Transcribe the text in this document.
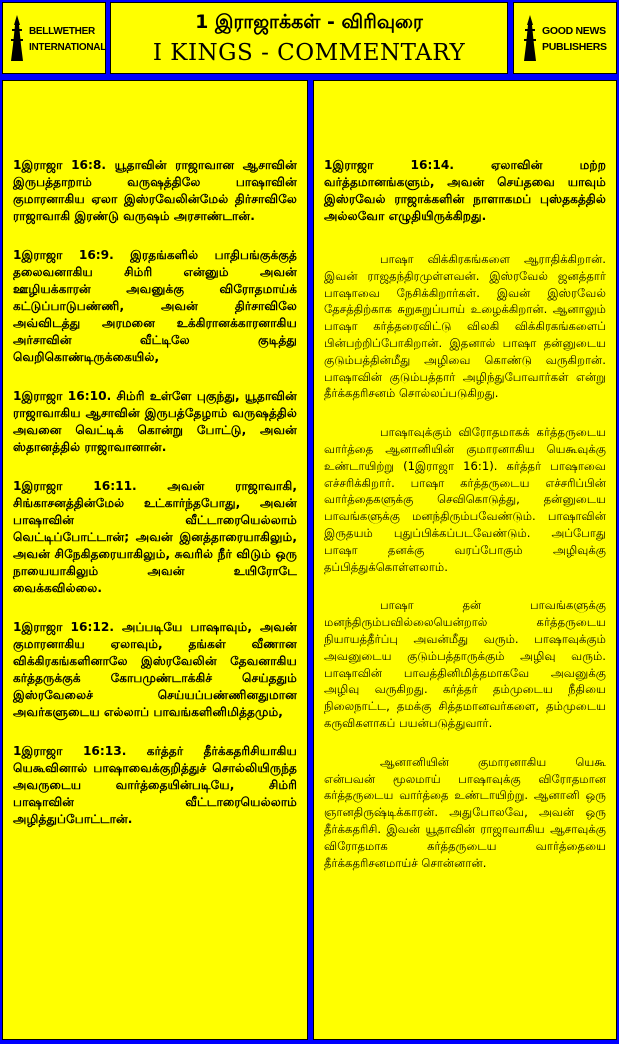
BELLWETHER
INTERNATIONAL
1 இராஜாக்கள் - விரிவுரை
I KINGS - COMMENTARY
GOOD NEWS
PUBLISHERS

1இராஜா 16:8. யூதாவின் ராஜாவான ஆசாவின் இருபத்தாறாம் வருஷத்திலே பாஷாவின் குமாரனாகிய ஏலா இஸ்ரவேலின்மேல் திர்சாவிலே ராஜாவாகி இரண்டு வருஷம் அரசாண்டான்.

1இராஜா 16:9. இரதங்களில் பாதிபங்குக்குத் தலைவனாகிய சிம்ரி என்னும் அவன் ஊழியக்காரன் அவனுக்கு விரோதமாய்க் கட்டுப்பாடுபண்ணி, அவன் திர்சாவிலே அவ்விடத்து அரமனை உக்கிரானக்காரனாகிய அர்சாவின் வீட்டிலே குடித்து வெறிகொண்டிருக்கையில்,

1இராஜா 16:10. சிம்ரி உள்ளே புகுந்து, யூதாவின் ராஜாவாகிய ஆசாவின் இருபத்தேழாம் வருஷத்தில் அவனை வெட்டிக் கொன்று போட்டு, அவன் ஸ்தானத்தில் ராஜாவானான்.

1இராஜா 16:11. அவன் ராஜாவாகி, சிங்காசனத்தின்மேல் உட்கார்ந்தபோது, அவன் பாஷாவின் வீட்டாரையெல்லாம் வெட்டிப்போட்டான்; அவன் இனத்தாரையாகிலும், அவன் சிநேகிதரையாகிலும், சுவரில் நீர் விடும் ஒரு நாயையாகிலும் அவன் உயிரோடே வைக்கவில்லை.

1இராஜா 16:12. அப்படியே பாஷாவும், அவன் குமாரனாகிய ஏலாவும், தங்கள் வீணான விக்கிரகங்களினாலே இஸ்ரவேலின் தேவனாகிய கர்த்தருக்குக் கோபமுண்டாக்கிச் செய்ததும் இஸ்ரவேலைச் செய்யப்பண்ணினதுமான அவர்களுடைய எல்லாப் பாவங்களினிமித்தமும்,

1இராஜா 16:13. கர்த்தர் தீர்க்கதரிசியாகிய யெகூவினால் பாஷாவைக்குறித்துச் சொல்லியிருந்த அவருடைய வார்த்தையின்படியே, சிம்ரி பாஷாவின் வீட்டாரையெல்லாம் அழித்துப்போட்டான்.

1இராஜா 16:14. ஏலாவின் மற்ற வர்த்தமானங்களும், அவன் செய்தவை யாவும் இஸ்ரவேல் ராஜாக்களின் நாளாகமப் புஸ்தகத்தில் அல்லவோ எழுதியிருக்கிறது.

பாஷா விக்கிரகங்களை ஆராதிக்கிறான். இவன் ராஜதந்திரமுள்ளவன். இஸ்ரவேல் ஜனத்தார் பாஷாவை நேசிக்கிறார்கள். இவன் இஸ்ரவேல் தேசத்திற்காக சுறுசுறுப்பாய் உழைக்கிறான். ஆனாலும் பாஷா கர்த்தரைவிட்டு விலகி விக்கிரகங்களைப் பின்பற்றிப்போகிறான். இதனால் பாஷா தன்னுடைய குடும்பத்தின்மீது அழிவை கொண்டு வருகிறான். பாஷாவின் குடும்பத்தார் அழிந்துபோவார்கள் என்று தீர்க்கதரிசனம் சொல்லப்படுகிறது.

பாஷாவுக்கும் விரோதமாகக் கர்த்தருடைய வார்த்தை ஆனானியின் குமாரனாகிய யெகூவுக்கு உண்டாயிற்று (1இராஜா 16:1). கர்த்தர் பாஷாவை எச்சரிக்கிறார். பாஷா கர்த்தருடைய எச்சரிப்பின் வார்த்தைகளுக்கு செவிகொடுத்து, தன்னுடைய பாவங்களுக்கு மனந்திரும்பவேண்டும். பாஷாவின் இருதயம் புதுப்பிக்கப்படவேண்டும். அப்போது பாஷா தனக்கு வரப்போகும் அழிவுக்கு தப்பித்துக்கொள்ளலாம்.

பாஷா தன் பாவங்களுக்கு மனந்திரும்பவில்லையென்றால் கர்த்தருடைய நியாயத்தீர்ப்பு அவன்மீது வரும். பாஷாவுக்கும் அவனுடைய குடும்பத்தாருக்கும் அழிவு வரும். பாஷாவின் பாவத்தினிமித்தமாகவே அவனுக்கு அழிவு வருகிறது. கர்த்தர் தம்முடைய நீதியை நிலைநாட்ட, தமக்கு சித்தமானவர்களை, தம்முடைய கருவிகளாகப் பயன்படுத்துவார்.

ஆனானியின் குமாரனாகிய யெகூ என்பவன் மூலமாய் பாஷாவுக்கு விரோதமான கர்த்தருடைய வார்த்தை உண்டாயிற்று. ஆனானி ஒரு ஞானதிருஷ்டிக்காரன். அதுபோலவே, அவன் ஒரு தீர்க்கதரிசி. இவன் யூதாவின் ராஜாவாகிய ஆசாவுக்கு விரோதமாக கர்த்தருடைய வார்த்தையை தீர்க்கதரிசனமாய்ச் சொன்னான்.
